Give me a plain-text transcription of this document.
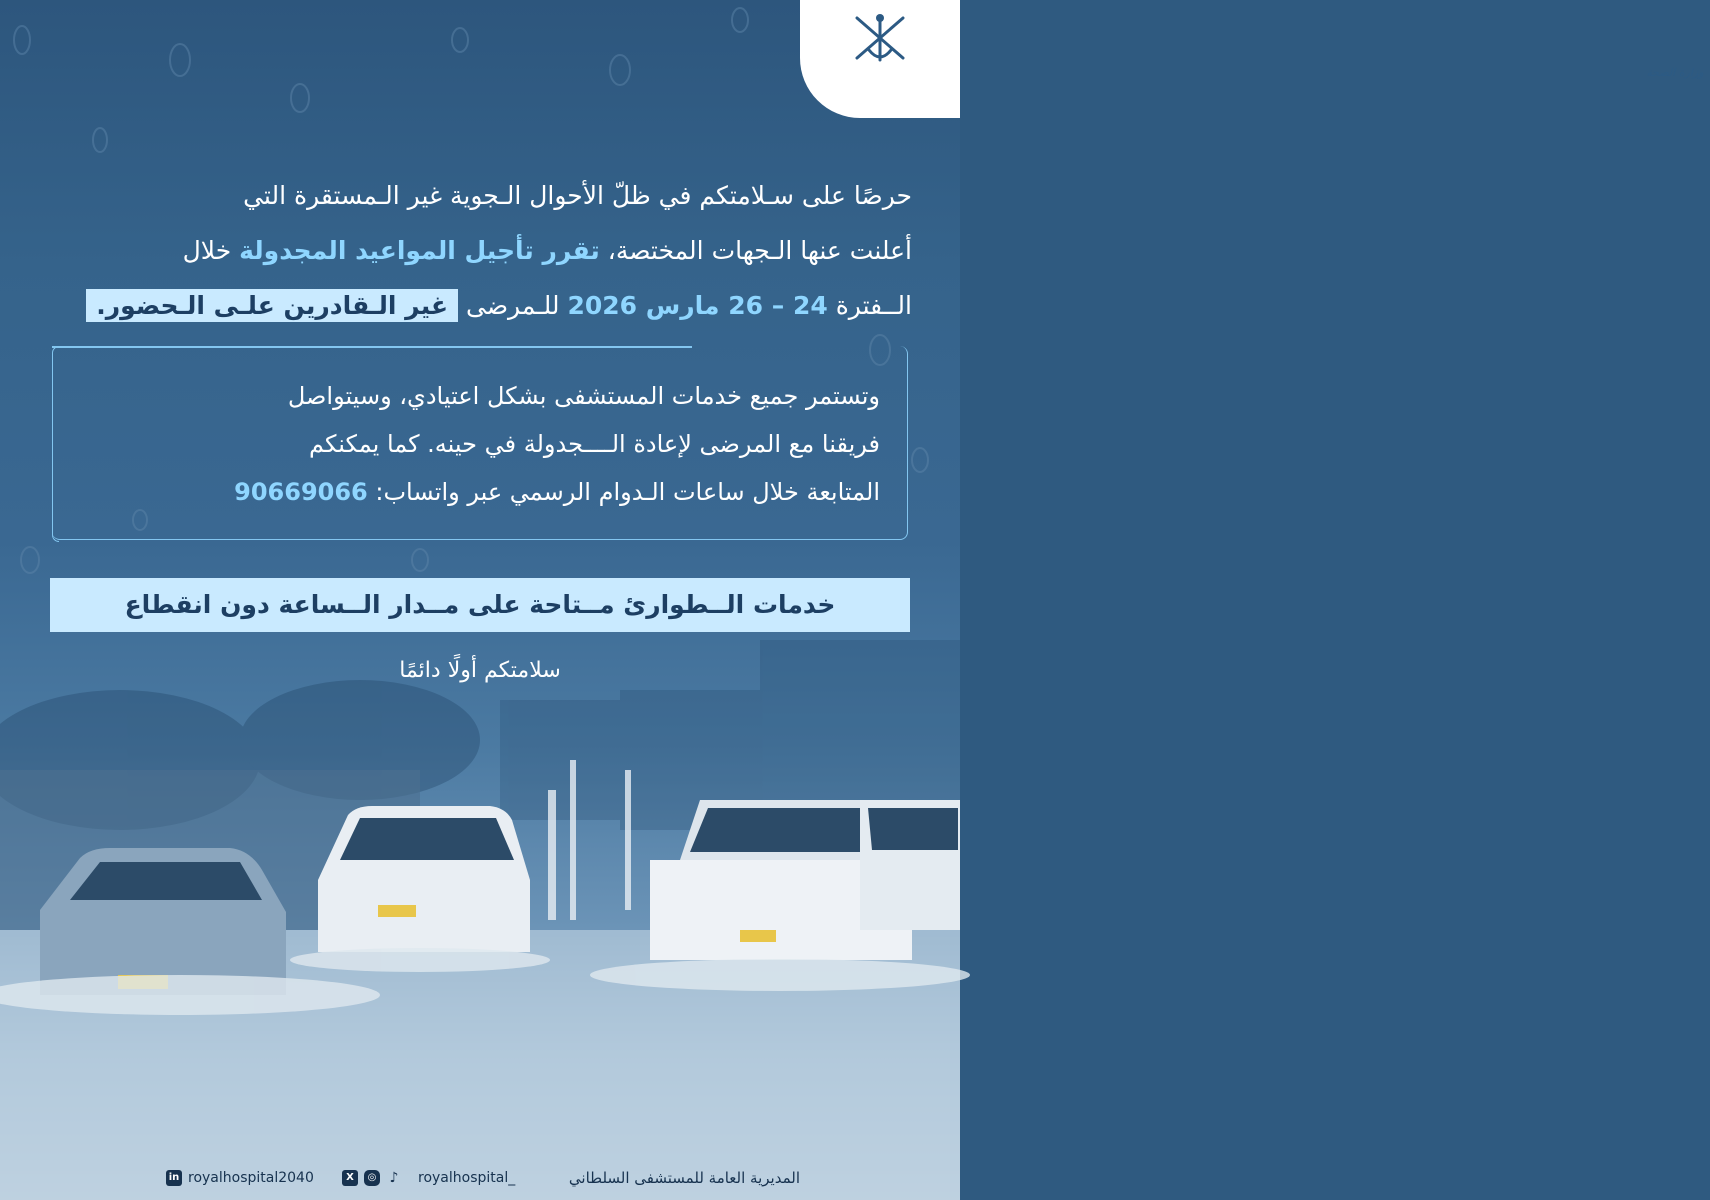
وزارة الصحة
حرصًا على سـلامتكم في ظلّ الأحوال الـجوية غير الـمستقرة التي
أعلنت عنها الـجهات المختصة، تقرر تأجيل المواعيد المجدولة خلال
الــفترة 24 – 26 مارس 2026 للـمرضى غير الـقادرين علـى الـحضور.
وتستمر جميع خدمات المستشفى بشكل اعتيادي، وسيتواصل
فريقنا مع المرضى لإعادة الــــجدولة في حينه. كما يمكنكم
المتابعة خلال ساعات الـدوام الرسمي عبر واتساب: 90669066
خدمات الــطوارئ مــتاحة على مــدار الــساعة دون انقطاع
سلامتكم أولًا دائمًا
المديرية العامة للمستشفى السلطاني
royalhospital_
X	◎ ♪
in royalhospital2040
